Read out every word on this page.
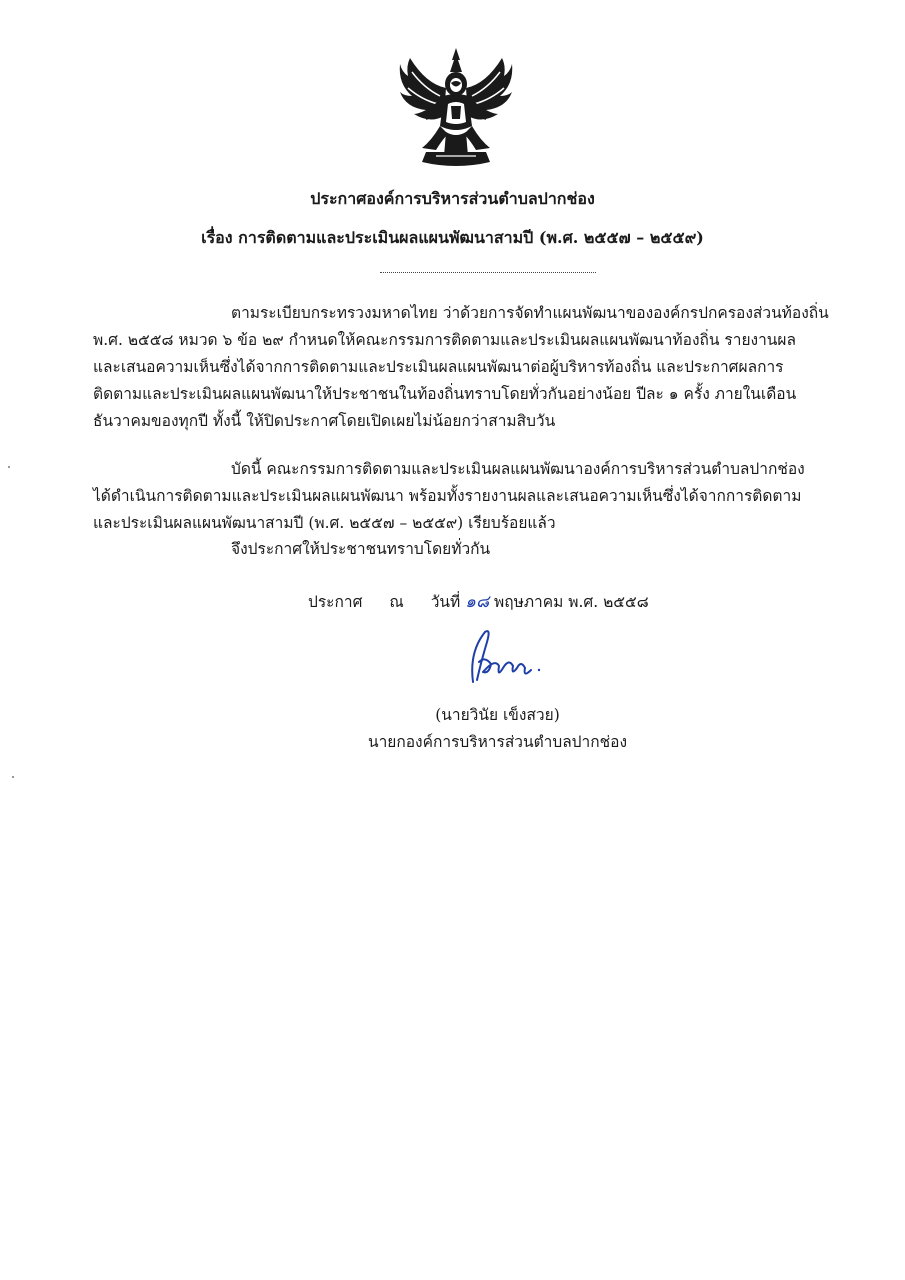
ประกาศองค์การบริหารส่วนตำบลปากช่อง
เรื่อง การติดตามและประเมินผลแผนพัฒนาสามปี (พ.ศ. ๒๕๕๗ – ๒๕๕๙)
ตามระเบียบกระทรวงมหาดไทย ว่าด้วยการจัดทำแผนพัฒนาขององค์กรปกครองส่วนท้องถิ่น
พ.ศ. ๒๕๕๘ หมวด ๖ ข้อ ๒๙ กำหนดให้คณะกรรมการติดตามและประเมินผลแผนพัฒนาท้องถิ่น รายงานผล
และเสนอความเห็นซึ่งได้จากการติดตามและประเมินผลแผนพัฒนาต่อผู้บริหารท้องถิ่น และประกาศผลการ
ติดตามและประเมินผลแผนพัฒนาให้ประชาชนในท้องถิ่นทราบโดยทั่วกันอย่างน้อย ปีละ ๑ ครั้ง ภายในเดือน
ธันวาคมของทุกปี ทั้งนี้ ให้ปิดประกาศโดยเปิดเผยไม่น้อยกว่าสามสิบวัน
บัดนี้ คณะกรรมการติดตามและประเมินผลแผนพัฒนาองค์การบริหารส่วนตำบลปากช่อง
ได้ดำเนินการติดตามและประเมินผลแผนพัฒนา พร้อมทั้งรายงานผลและเสนอความเห็นซึ่งได้จากการติดตาม
และประเมินผลแผนพัฒนาสามปี (พ.ศ. ๒๕๕๗ – ๒๕๕๙) เรียบร้อยแล้ว
จึงประกาศให้ประชาชนทราบโดยทั่วกัน
ประกาศ ณ วันที่ ๑๘ พฤษภาคม พ.ศ. ๒๕๕๘
(นายวินัย เข็งสวย)
นายกองค์การบริหารส่วนตำบลปากช่อง
